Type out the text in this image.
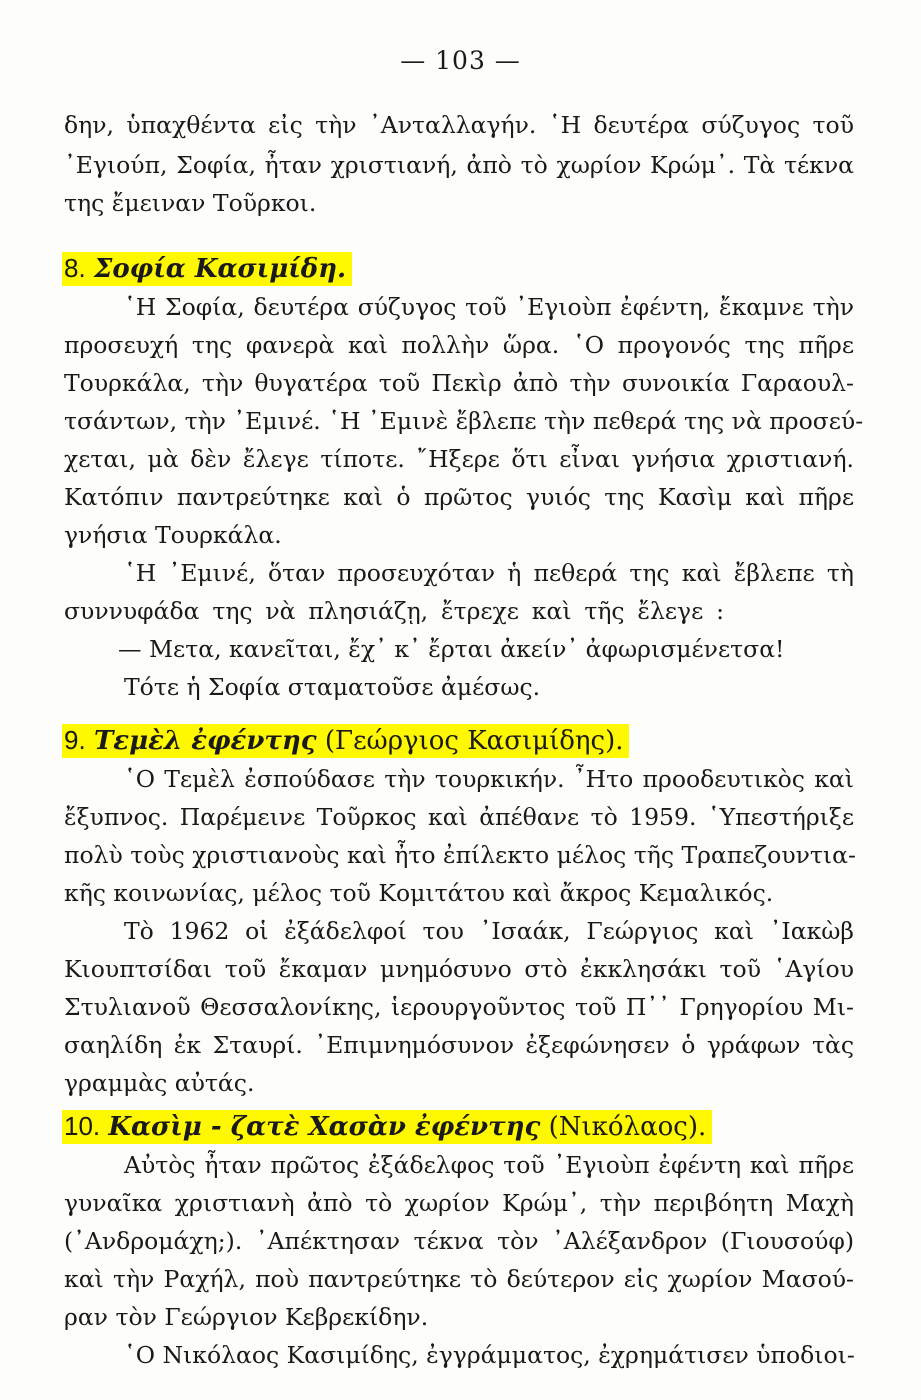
— 103 —
δην, ὑπαχθέντα εἰς τὴν ᾿Ανταλλαγήν. ῾Η δευτέρα σύζυγος τοῦ
᾿Εγιούπ, Σοφία, ἦταν χριστιανή, ἀπὸ τὸ χωρίον Κρώμ᾿. Τὰ τέκνα
της ἔμειναν Τοῦρκοι.
8. Σοφία Κασιμίδη.
῾Η Σοφία, δευτέρα σύζυγος τοῦ ᾿Εγιοὺπ ἐφέντη, ἔκαμνε τὴν
προσευχή της φανερὰ καὶ πολλὴν ὥρα. ῾Ο προγονός της πῆρε
Τουρκάλα, τὴν θυγατέρα τοῦ Πεκὶρ ἀπὸ τὴν συνοικία Γαραουλ-
τσάντων, τὴν ᾿Εμινέ. ῾Η ᾿Εμινὲ ἔβλεπε τὴν πεθερά της νὰ προσεύ-
χεται, μὰ δὲν ἔλεγε τίποτε. ῎Ηξερε ὅτι εἶναι γνήσια χριστιανή.
Κατόπιν παντρεύτηκε καὶ ὁ πρῶτος γυιός της Κασὶμ καὶ πῆρε
γνήσια Τουρκάλα.
῾Η ᾿Εμινέ, ὅταν προσευχόταν ἡ πεθερά της καὶ ἔβλεπε τὴ
συννυφάδα της νὰ πλησιάζῃ, ἔτρεχε καὶ τῆς ἔλεγε :
— Μετα, κανεῖται, ἔχ᾿ κ᾿ ἔρται ἀκείν᾿ ἀφωρισμένετσα!
Τότε ἡ Σοφία σταματοῦσε ἀμέσως.
9. Τεμὲλ ἐφέντης (Γεώργιος Κασιμίδης).
῾Ο Τεμὲλ ἐσπούδασε τὴν τουρκικήν. ῏Ητο προοδευτικὸς καὶ
ἔξυπνος. Παρέμεινε Τοῦρκος καὶ ἀπέθανε τὸ 1959. ῾Υπεστήριξε
πολὺ τοὺς χριστιανοὺς καὶ ἦτο ἐπίλεκτο μέλος τῆς Τραπεζουντια-
κῆς κοινωνίας, μέλος τοῦ Κομιτάτου καὶ ἄκρος Κεμαλικός.
Τὸ 1962 οἱ ἐξάδελφοί του ᾿Ισαάκ, Γεώργιος καὶ ᾿Ιακὼβ
Κιουπτσίδαι τοῦ ἔκαμαν μνημόσυνο στὸ ἐκκλησάκι τοῦ ῾Αγίου
Στυλιανοῦ Θεσσαλονίκης, ἱερουργοῦντος τοῦ Π᾿᾿ Γρηγορίου Μι-
σαηλίδη ἐκ Σταυρί. ᾿Επιμνημόσυνον ἐξεφώνησεν ὁ γράφων τὰς
γραμμὰς αὐτάς.
10. Κασὶμ - ζατὲ Χασὰν ἐφέντης (Νικόλαος).
Αὐτὸς ἦταν πρῶτος ἐξάδελφος τοῦ ᾿Εγιοὺπ ἐφέντη καὶ πῆρε
γυναῖκα χριστιανὴ ἀπὸ τὸ χωρίον Κρώμ᾿, τὴν περιβόητη Μαχὴ
(᾿Ανδρομάχη;). ᾿Απέκτησαν τέκνα τὸν ᾿Αλέξανδρον (Γιουσούφ)
καὶ τὴν Ραχήλ, ποὺ παντρεύτηκε τὸ δεύτερον εἰς χωρίον Μασού-
ραν τὸν Γεώργιον Κεβρεκίδην.
῾Ο Νικόλαος Κασιμίδης, ἐγγράμματος, ἐχρημάτισεν ὑποδιοι-
